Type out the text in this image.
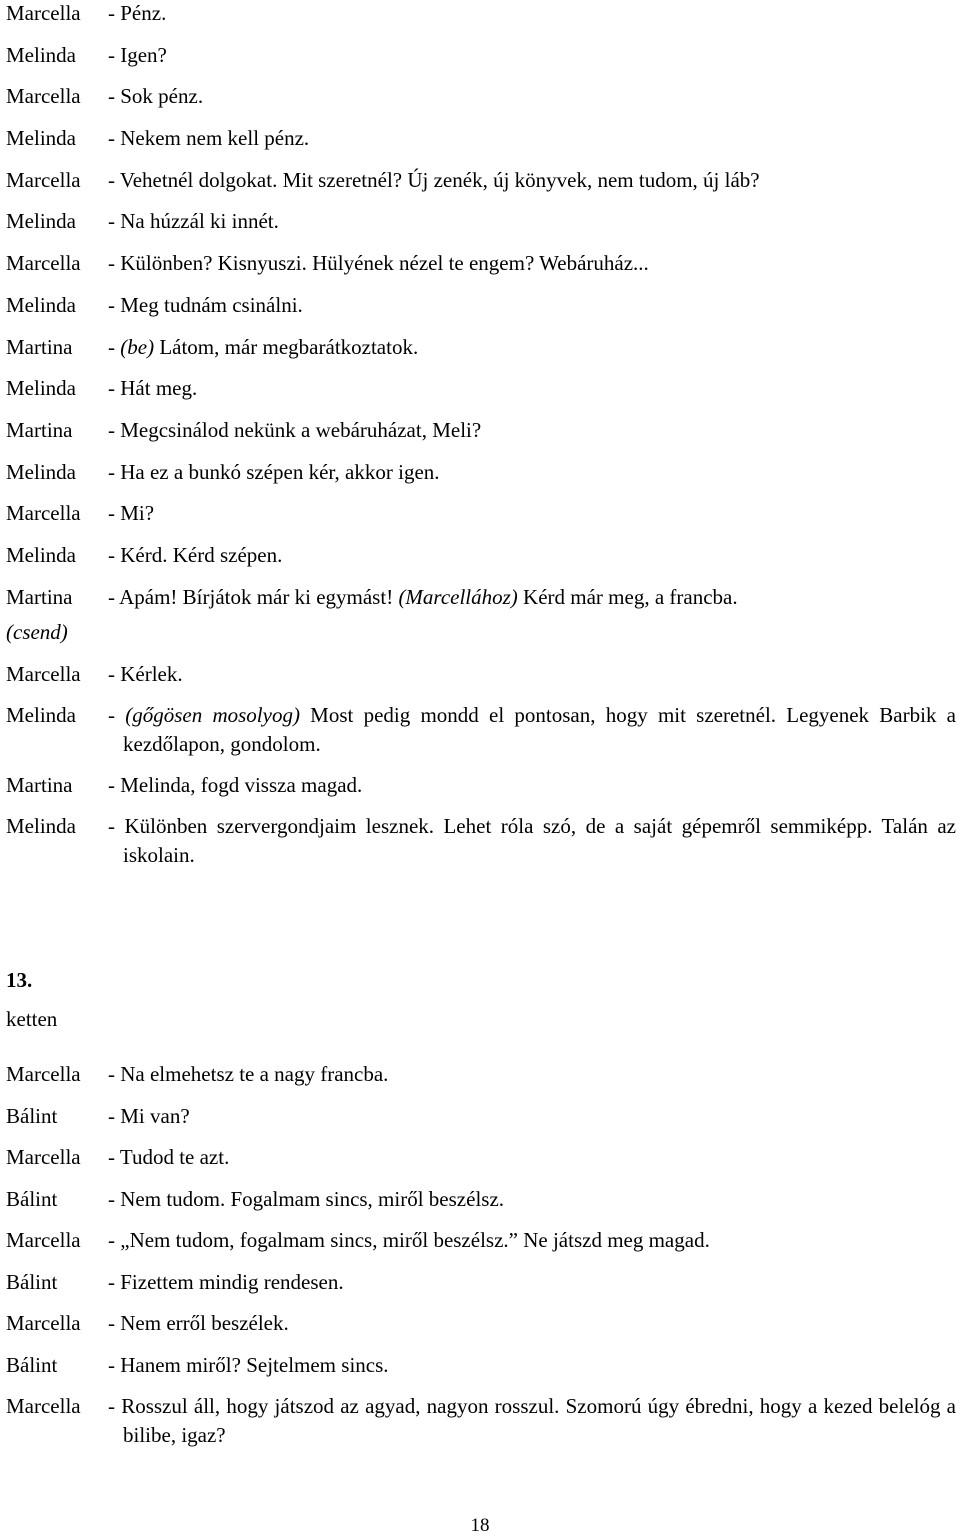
Marcella	- Pénz.
Melinda	- Igen?
Marcella	- Sok pénz.
Melinda	- Nekem nem kell pénz.
Marcella	- Vehetnél dolgokat. Mit szeretnél? Új zenék, új könyvek, nem tudom, új láb?
Melinda	- Na húzzál ki innét.
Marcella	- Különben? Kisnyuszi. Hülyének nézel te engem? Webáruház...
Melinda	- Meg tudnám csinálni.
Martina	- (be) Látom, már megbarátkoztatok.
Melinda	- Hát meg.
Martina	- Megcsinálod nekünk a webáruházat, Meli?
Melinda	- Ha ez a bunkó szépen kér, akkor igen.
Marcella	- Mi?
Melinda	- Kérd. Kérd szépen.
Martina	- Apám! Bírjátok már ki egymást! (Marcellához) Kérd már meg, a francba.
(csend)
Marcella	- Kérlek.
Melinda	- (gőgösen mosolyog) Most pedig mondd el pontosan, hogy mit szeretnél. Legyenek Barbik a kezdőlapon, gondolom.
Martina	- Melinda, fogd vissza magad.
Melinda	- Különben szervergondjaim lesznek. Lehet róla szó, de a saját gépemről semmiképp. Talán az iskolain.
13.
ketten
Marcella	- Na elmehetsz te a nagy francba.
Bálint	- Mi van?
Marcella	- Tudod te azt.
Bálint	- Nem tudom. Fogalmam sincs, miről beszélsz.
Marcella	- „Nem tudom, fogalmam sincs, miről beszélsz.” Ne játszd meg magad.
Bálint	- Fizettem mindig rendesen.
Marcella	- Nem erről beszélek.
Bálint	- Hanem miről? Sejtelmem sincs.
Marcella	- Rosszul áll, hogy játszod az agyad, nagyon rosszul. Szomorú úgy ébredni, hogy a kezed belelóg a bilibe, igaz?
18
